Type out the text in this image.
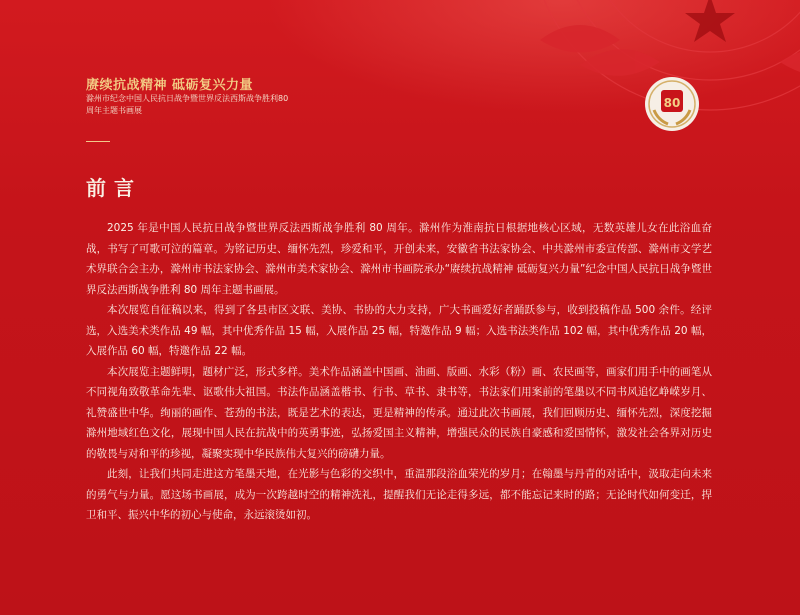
赓续抗战精神 砥砺复兴力量
滁州市纪念中国人民抗日战争暨世界反法西斯战争胜利80周年主题书画展
80
前言

2025 年是中国人民抗日战争暨世界反法西斯战争胜利 80 周年。滁州作为淮南抗日根据地核心区域，无数英雄儿女在此浴血奋战，书写了可歌可泣的篇章。为铭记历史、缅怀先烈，珍爱和平，开创未来，安徽省书法家协会、中共滁州市委宣传部、滁州市文学艺术界联合会主办，滁州市书法家协会、滁州市美术家协会、滁州市书画院承办“赓续抗战精神 砥砺复兴力量”纪念中国人民抗日战争暨世界反法西斯战争胜利 80 周年主题书画展。

本次展览自征稿以来，得到了各县市区文联、美协、书协的大力支持，广大书画爱好者踊跃参与，收到投稿作品 500 余件。经评选，入选美术类作品 49 幅，其中优秀作品 15 幅，入展作品 25 幅，特邀作品 9 幅；入选书法类作品 102 幅，其中优秀作品 20 幅，入展作品 60 幅，特邀作品 22 幅。

本次展览主题鲜明，题材广泛，形式多样。美术作品涵盖中国画、油画、版画、水彩（粉）画、农民画等，画家们用手中的画笔从不同视角致敬革命先辈、讴歌伟大祖国。书法作品涵盖楷书、行书、草书、隶书等，书法家们用案前的笔墨以不同书风追忆峥嵘岁月、礼赞盛世中华。绚丽的画作、苍劲的书法，既是艺术的表达，更是精神的传承。通过此次书画展，我们回顾历史、缅怀先烈，深度挖掘滁州地域红色文化，展现中国人民在抗战中的英勇事迹，弘扬爱国主义精神，增强民众的民族自豪感和爱国情怀，激发社会各界对历史的敬畏与对和平的珍视，凝聚实现中华民族伟大复兴的磅礴力量。

此刻，让我们共同走进这方笔墨天地，在光影与色彩的交织中，重温那段浴血荣光的岁月；在翰墨与丹青的对话中，汲取走向未来的勇气与力量。愿这场书画展，成为一次跨越时空的精神洗礼，提醒我们无论走得多远，都不能忘记来时的路；无论时代如何变迁，捍卫和平、振兴中华的初心与使命，永远滚烫如初。
